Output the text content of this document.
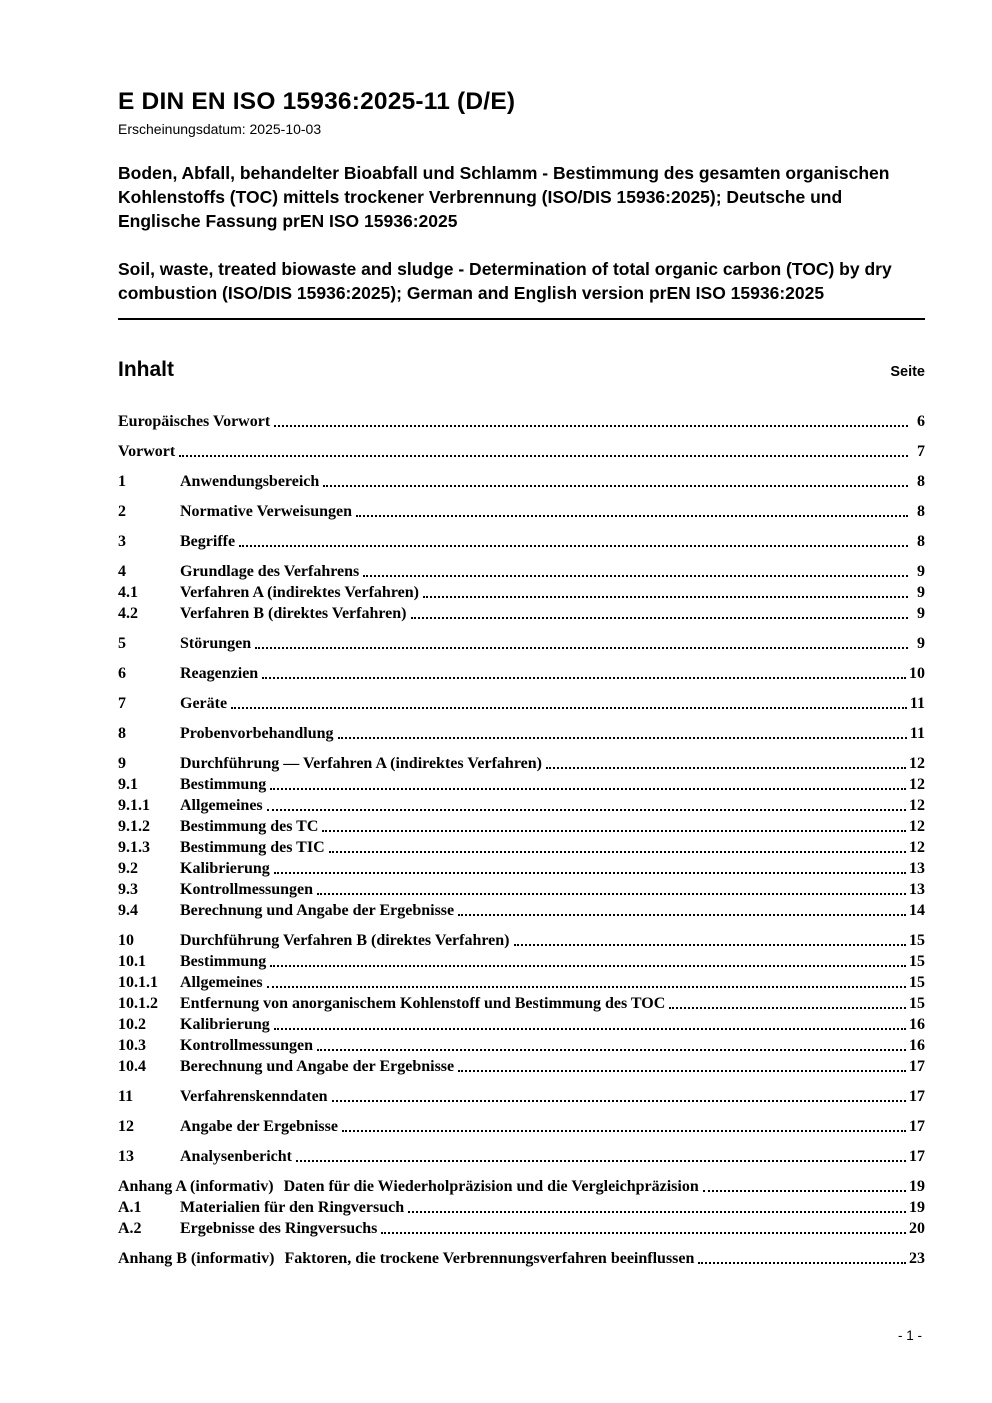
E DIN EN ISO 15936:2025-11 (D/E)
Erscheinungsdatum: 2025-10-03
Boden, Abfall, behandelter Bioabfall und Schlamm - Bestimmung des gesamten organischen Kohlenstoffs (TOC) mittels trockener Verbrennung (ISO/DIS 15936:2025); Deutsche und Englische Fassung prEN ISO 15936:2025
Soil, waste, treated biowaste and sludge - Determination of total organic carbon (TOC) by dry combustion (ISO/DIS 15936:2025); German and English version prEN ISO 15936:2025
Inhalt	Seite
Europäisches Vorwort	6
Vorwort	7
1	Anwendungsbereich	8
2	Normative Verweisungen	8
3	Begriffe	8
4	Grundlage des Verfahrens	9
4.1	Verfahren A (indirektes Verfahren)	9
4.2	Verfahren B (direktes Verfahren)	9
5	Störungen	9
6	Reagenzien	10
7	Geräte	11
8	Probenvorbehandlung	11
9	Durchführung — Verfahren A (indirektes Verfahren)	12
9.1	Bestimmung	12
9.1.1	Allgemeines	12
9.1.2	Bestimmung des TC	12
9.1.3	Bestimmung des TIC	12
9.2	Kalibrierung	13
9.3	Kontrollmessungen	13
9.4	Berechnung und Angabe der Ergebnisse	14
10	Durchführung Verfahren B (direktes Verfahren)	15
10.1	Bestimmung	15
10.1.1	Allgemeines	15
10.1.2	Entfernung von anorganischem Kohlenstoff und Bestimmung des TOC	15
10.2	Kalibrierung	16
10.3	Kontrollmessungen	16
10.4	Berechnung und Angabe der Ergebnisse	17
11	Verfahrenskenndaten	17
12	Angabe der Ergebnisse	17
13	Analysenbericht	17
Anhang A (informativ) Daten für die Wiederholpräzision und die Vergleichpräzision	19
A.1	Materialien für den Ringversuch	19
A.2	Ergebnisse des Ringversuchs	20
Anhang B (informativ) Faktoren, die trockene Verbrennungsverfahren beeinflussen	23
- 1 -
